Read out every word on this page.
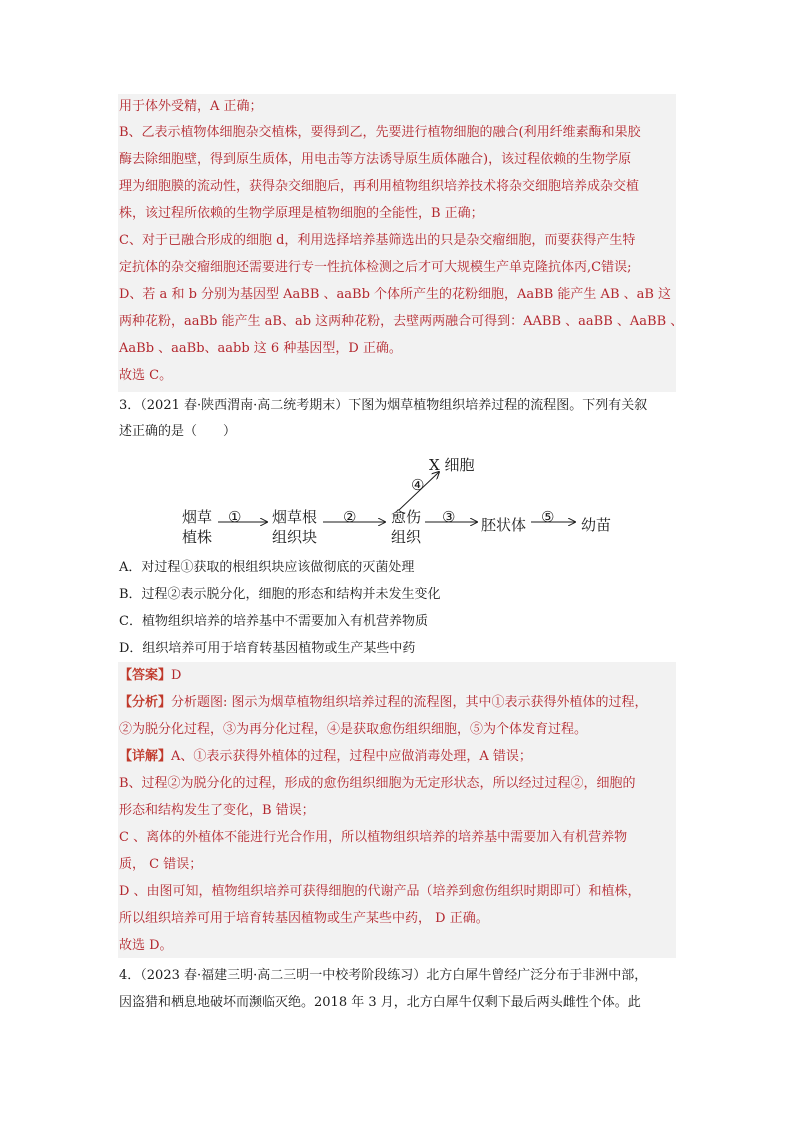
用于体外受精，A 正确；
B、乙表示植物体细胞杂交植株，要得到乙，先要进行植物细胞的融合(利用纤维素酶和果胶
酶去除细胞壁，得到原生质体，用电击等方法诱导原生质体融合)，该过程依赖的生物学原
理为细胞膜的流动性，获得杂交细胞后，再利用植物组织培养技术将杂交细胞培养成杂交植
株，该过程所依赖的生物学原理是植物细胞的全能性，B 正确；
C、对于已融合形成的细胞 d，利用选择培养基筛选出的只是杂交瘤细胞，而要获得产生特
定抗体的杂交瘤细胞还需要进行专一性抗体检测之后才可大规模生产单克隆抗体丙,C错误;
D、若 a 和 b 分别为基因型 AaBB 、aaBb 个体所产生的花粉细胞，AaBB 能产生 AB 、aB 这
两种花粉，aaBb 能产生 aB、ab 这两种花粉，去壁两两融合可得到：AABB 、aaBB 、AaBB 、
AaBb 、aaBb、aabb 这 6 种基因型，D 正确。
故选 C。
3．（2021 春·陕西渭南·高二统考期末）下图为烟草植物组织培养过程的流程图。下列有关叙
述正确的是（　　）
烟草
植株
① 烟草根
组织块
② 愈伤
组织
③ 胚状体 ⑤ 幼苗
④
X 细胞
A．对过程①获取的根组织块应该做彻底的灭菌处理
B．过程②表示脱分化，细胞的形态和结构并未发生变化
C．植物组织培养的培养基中不需要加入有机营养物质
D．组织培养可用于培育转基因植物或生产某些中药
【答案】D
【分析】分析题图: 图示为烟草植物组织培养过程的流程图，其中①表示获得外植体的过程，
②为脱分化过程，③为再分化过程，④是获取愈伤组织细胞，⑤为个体发育过程。
【详解】A、①表示获得外植体的过程，过程中应做消毒处理，A 错误；
B、过程②为脱分化的过程，形成的愈伤组织细胞为无定形状态，所以经过过程②，细胞的
形态和结构发生了变化，B 错误；
C 、离体的外植体不能进行光合作用，所以植物组织培养的培养基中需要加入有机营养物
质， C 错误；
D 、由图可知，植物组织培养可获得细胞的代谢产品（培养到愈伤组织时期即可）和植株，
所以组织培养可用于培育转基因植物或生产某些中药， D 正确。
故选 D。
4．（2023 春·福建三明·高二三明一中校考阶段练习）北方白犀牛曾经广泛分布于非洲中部，
因盗猎和栖息地破坏而濒临灭绝。2018 年 3 月，北方白犀牛仅剩下最后两头雌性个体。此
